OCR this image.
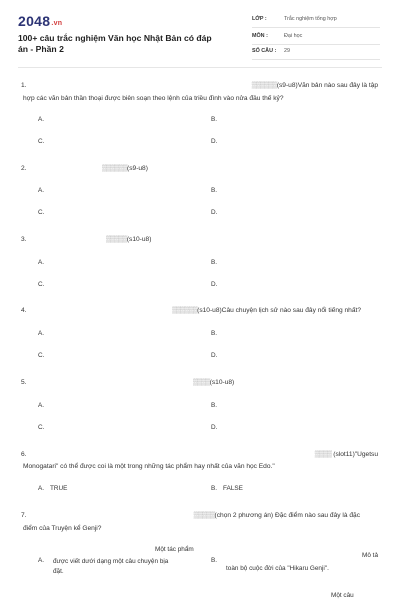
2048.vn
100+ câu trắc nghiệm Văn học Nhật Bản có đáp án - Phần 2
LỚP :	Trắc nghiệm tổng hợp
MÔN :	Đại học
SỐ CÂU : 29
1.	▒▒▒▒▒▒(s9-u8)Văn bản nào sau đây là tập
hợp các văn bản thần thoại được biên soạn theo lệnh của triều đình vào nửa đầu thế kỷ?
A.	B.
C.	D.
2.	▒▒▒▒▒▒(s9-u8)
A.	B.
C.	D.
3.	▒▒▒▒▒(s10-u8)
A.	B.
C.	D.
4.	▒▒▒▒▒▒(s10-u8)Câu chuyện lịch sử nào sau đây nổi tiếng nhất?
A.	B.
C.	D.
5.	▒▒▒▒(s10-u8)
A.	B.
C.	D.
6.	▒▒▒▒ (slot11)"Ugetsu
Monogatari" có thể được coi là một trong những tác phẩm hay nhất của văn học Edo."
A. TRUE	B. FALSE
7.	▒▒▒▒▒(chọn 2 phương án) Đặc điểm nào sau đây là đặc
điểm của Truyện kể Genji?
Một tác phẩm
A. được viết dưới dạng một câu chuyện bịa
đặt.
Mô tả
B.
toàn bộ cuộc đời của "Hikaru Genji".
Một câu
